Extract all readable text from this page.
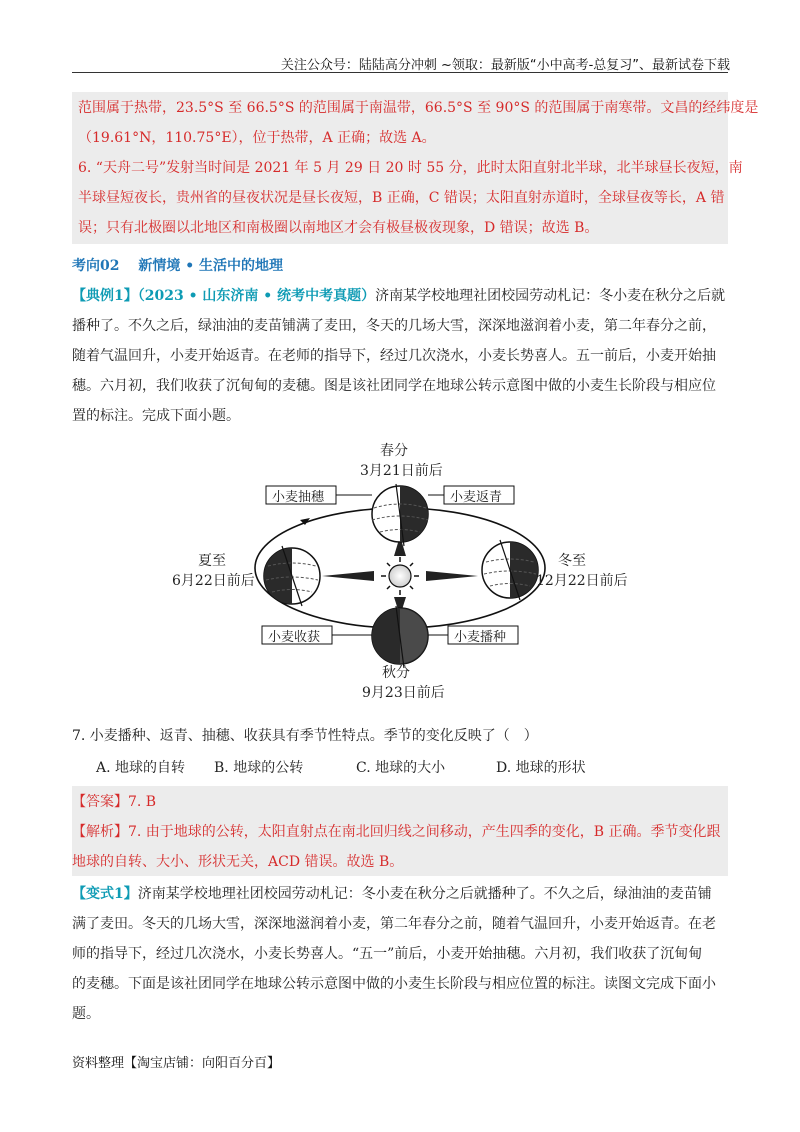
关注公众号：陆陆高分冲刺 ~领取：最新版“小中高考-总复习”、最新试卷下载
范围属于热带，23.5°S 至 66.5°S 的范围属于南温带，66.5°S 至 90°S 的范围属于南寒带。文昌的经纬度是
（19.61°N，110.75°E），位于热带，A 正确；故选 A。
6. “天舟二号”发射当时间是 2021 年 5 月 29 日 20 时 55 分，此时太阳直射北半球，北半球昼长夜短，南
半球昼短夜长，贵州省的昼夜状况是昼长夜短，B 正确，C 错误；太阳直射赤道时，全球昼夜等长，A 错
误；只有北极圈以北地区和南极圈以南地区才会有极昼极夜现象，D 错误；故选 B。
考向02　 新情境 • 生活中的地理
【典例1】（2023 • 山东济南 • 统考中考真题）济南某学校地理社团校园劳动札记：冬小麦在秋分之后就
播种了。不久之后，绿油油的麦苗铺满了麦田，冬天的几场大雪，深深地滋润着小麦，第二年春分之前，
随着气温回升，小麦开始返青。在老师的指导下，经过几次浇水，小麦长势喜人。五一前后，小麦开始抽
穗。六月初，我们收获了沉甸甸的麦穗。图是该社团同学在地球公转示意图中做的小麦生长阶段与相应位
置的标注。完成下面小题。
春分
3月21日前后
夏至
6月22日前后
冬至
12月22日前后
秋分
9月23日前后
小麦抽穗	小麦返青
小麦收获	小麦播种
7. 小麦播种、返青、抽穗、收获具有季节性特点。季节的变化反映了（　）
A. 地球的自转 B. 地球的公转	C. 地球的大小	D. 地球的形状
【答案】7. B
【解析】7. 由于地球的公转，太阳直射点在南北回归线之间移动，产生四季的变化，B 正确。季节变化跟
地球的自转、大小、形状无关，ACD 错误。故选 B。
【变式1】济南某学校地理社团校园劳动札记：冬小麦在秋分之后就播种了。不久之后，绿油油的麦苗铺
满了麦田。冬天的几场大雪，深深地滋润着小麦，第二年春分之前，随着气温回升，小麦开始返青。在老
师的指导下，经过几次浇水，小麦长势喜人。“五一”前后，小麦开始抽穗。六月初，我们收获了沉甸甸
的麦穗。下面是该社团同学在地球公转示意图中做的小麦生长阶段与相应位置的标注。读图文完成下面小
题。
资料整理【淘宝店铺：向阳百分百】
